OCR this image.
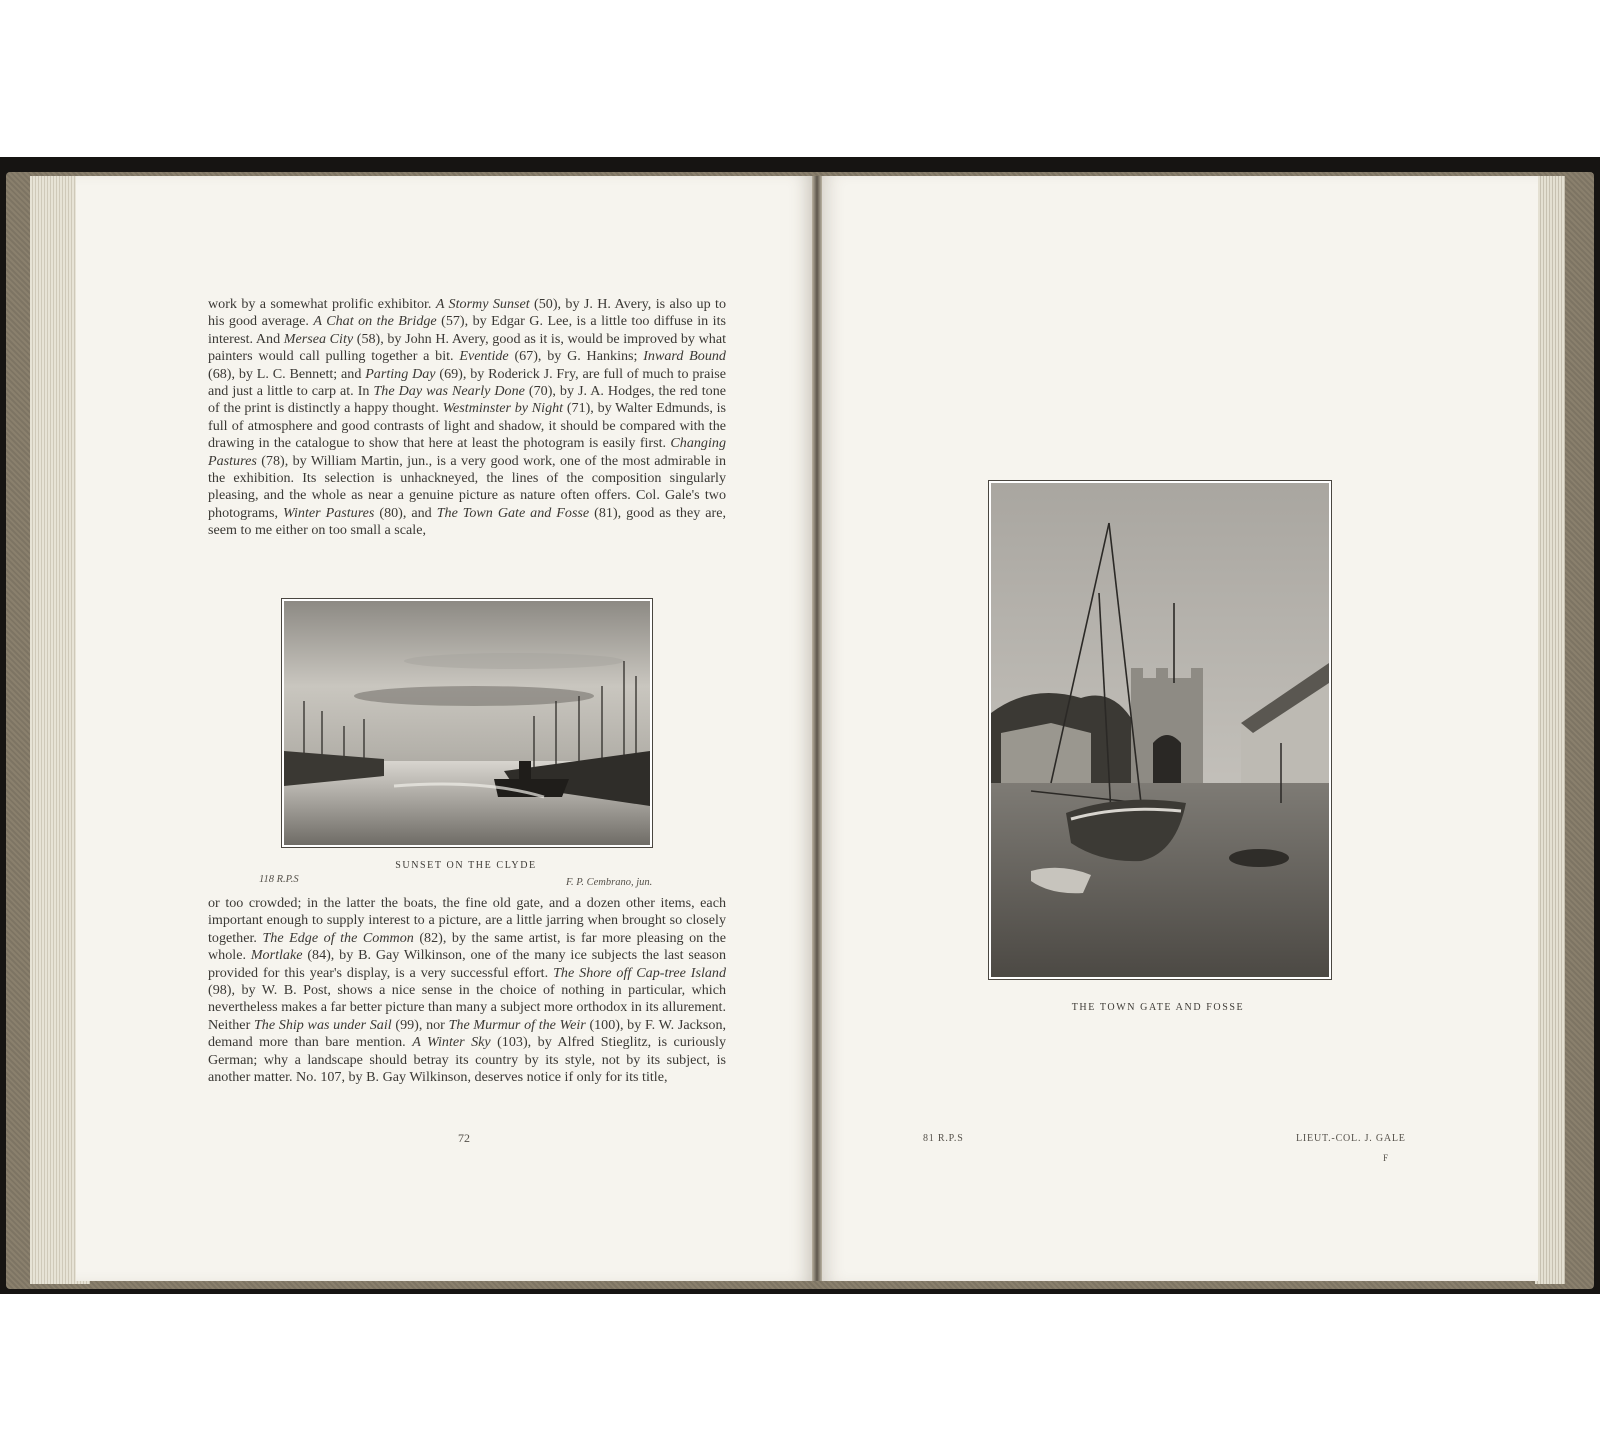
work by a somewhat prolific exhibitor. A Stormy Sunset (50), by J. H. Avery, is also up to his good average. A Chat on the Bridge (57), by Edgar G. Lee, is a little too diffuse in its interest. And Mersea City (58), by John H. Avery, good as it is, would be improved by what painters would call pulling together a bit. Eventide (67), by G. Hankins; Inward Bound (68), by L. C. Bennett; and Parting Day (69), by Roderick J. Fry, are full of much to praise and just a little to carp at. In The Day was Nearly Done (70), by J. A. Hodges, the red tone of the print is distinctly a happy thought. Westminster by Night (71), by Walter Edmunds, is full of atmosphere and good contrasts of light and shadow, it should be compared with the drawing in the catalogue to show that here at least the photogram is easily first. Changing Pastures (78), by William Martin, jun., is a very good work, one of the most admirable in the exhibition. Its selection is unhackneyed, the lines of the composition singularly pleasing, and the whole as near a genuine picture as nature often offers. Col. Gale's two photograms, Winter Pastures (80), and The Town Gate and Fosse (81), good as they are, seem to me either on too small a scale,

SUNSET ON THE CLYDE
118 R.P.S	F. P. Cembrano, jun.

or too crowded; in the latter the boats, the fine old gate, and a dozen other items, each important enough to supply interest to a picture, are a little jarring when brought so closely together. The Edge of the Common (82), by the same artist, is far more pleasing on the whole. Mortlake (84), by B. Gay Wilkinson, one of the many ice subjects the last season provided for this year's display, is a very successful effort. The Shore off Cap-tree Island (98), by W. B. Post, shows a nice sense in the choice of nothing in particular, which nevertheless makes a far better picture than many a subject more orthodox in its allurement. Neither The Ship was under Sail (99), nor The Murmur of the Weir (100), by F. W. Jackson, demand more than bare mention. A Winter Sky (103), by Alfred Stieglitz, is curiously German; why a landscape should betray its country by its style, not by its subject, is another matter. No. 107, by B. Gay Wilkinson, deserves notice if only for its title,

72
THE TOWN GATE AND FOSSE
81 R.P.S	LIEUT.-COL. J. GALE
F
